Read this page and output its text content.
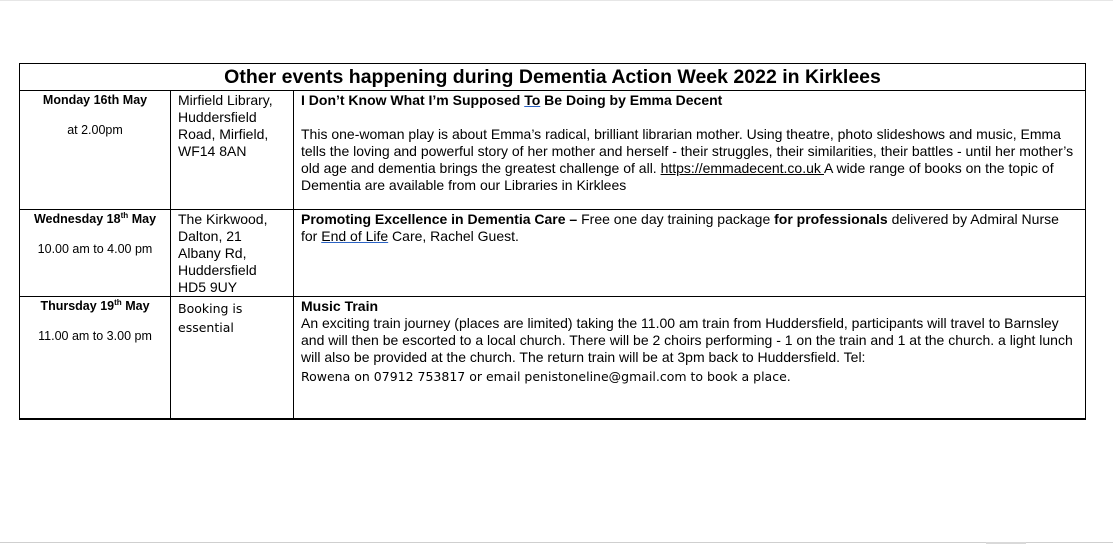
Other events happening during Dementia Action Week 2022 in Kirklees		

Monday 16th May
at 2.00pm	Mirfield Library, Huddersfield Road, Mirfield, WF14 8AN	I Don’t Know What I’m Supposed To Be Doing by Emma Decent
This one-woman play is about Emma’s radical, brilliant librarian mother. Using theatre, photo slideshows and music, Emma tells the loving and powerful story of her mother and herself - their struggles, their similarities, their battles - until her mother’s old age and dementia brings the greatest challenge of all. https://emmadecent.co.uk A wide range of books on the topic of Dementia are available from our Libraries in Kirklees

Wednesday 18th May
10.00 am to 4.00 pm	The Kirkwood, Dalton, 21 Albany Rd, Huddersfield HD5 9UY	Promoting Excellence in Dementia Care – Free one day training package for professionals delivered by Admiral Nurse for End of Life Care, Rachel Guest.

Thursday 19th May
11.00 am to 3.00 pm	Booking is essential	Music Train
An exciting train journey (places are limited) taking the 11.00 am train from Huddersfield, participants will travel to Barnsley and will then be escorted to a local church. There will be 2 choirs performing - 1 on the train and 1 at the church. a light lunch will also be provided at the church. The return train will be at 3pm back to Huddersfield. Tel:
Rowena on 07912 753817 or email penistoneline@gmail.com to book a place.
